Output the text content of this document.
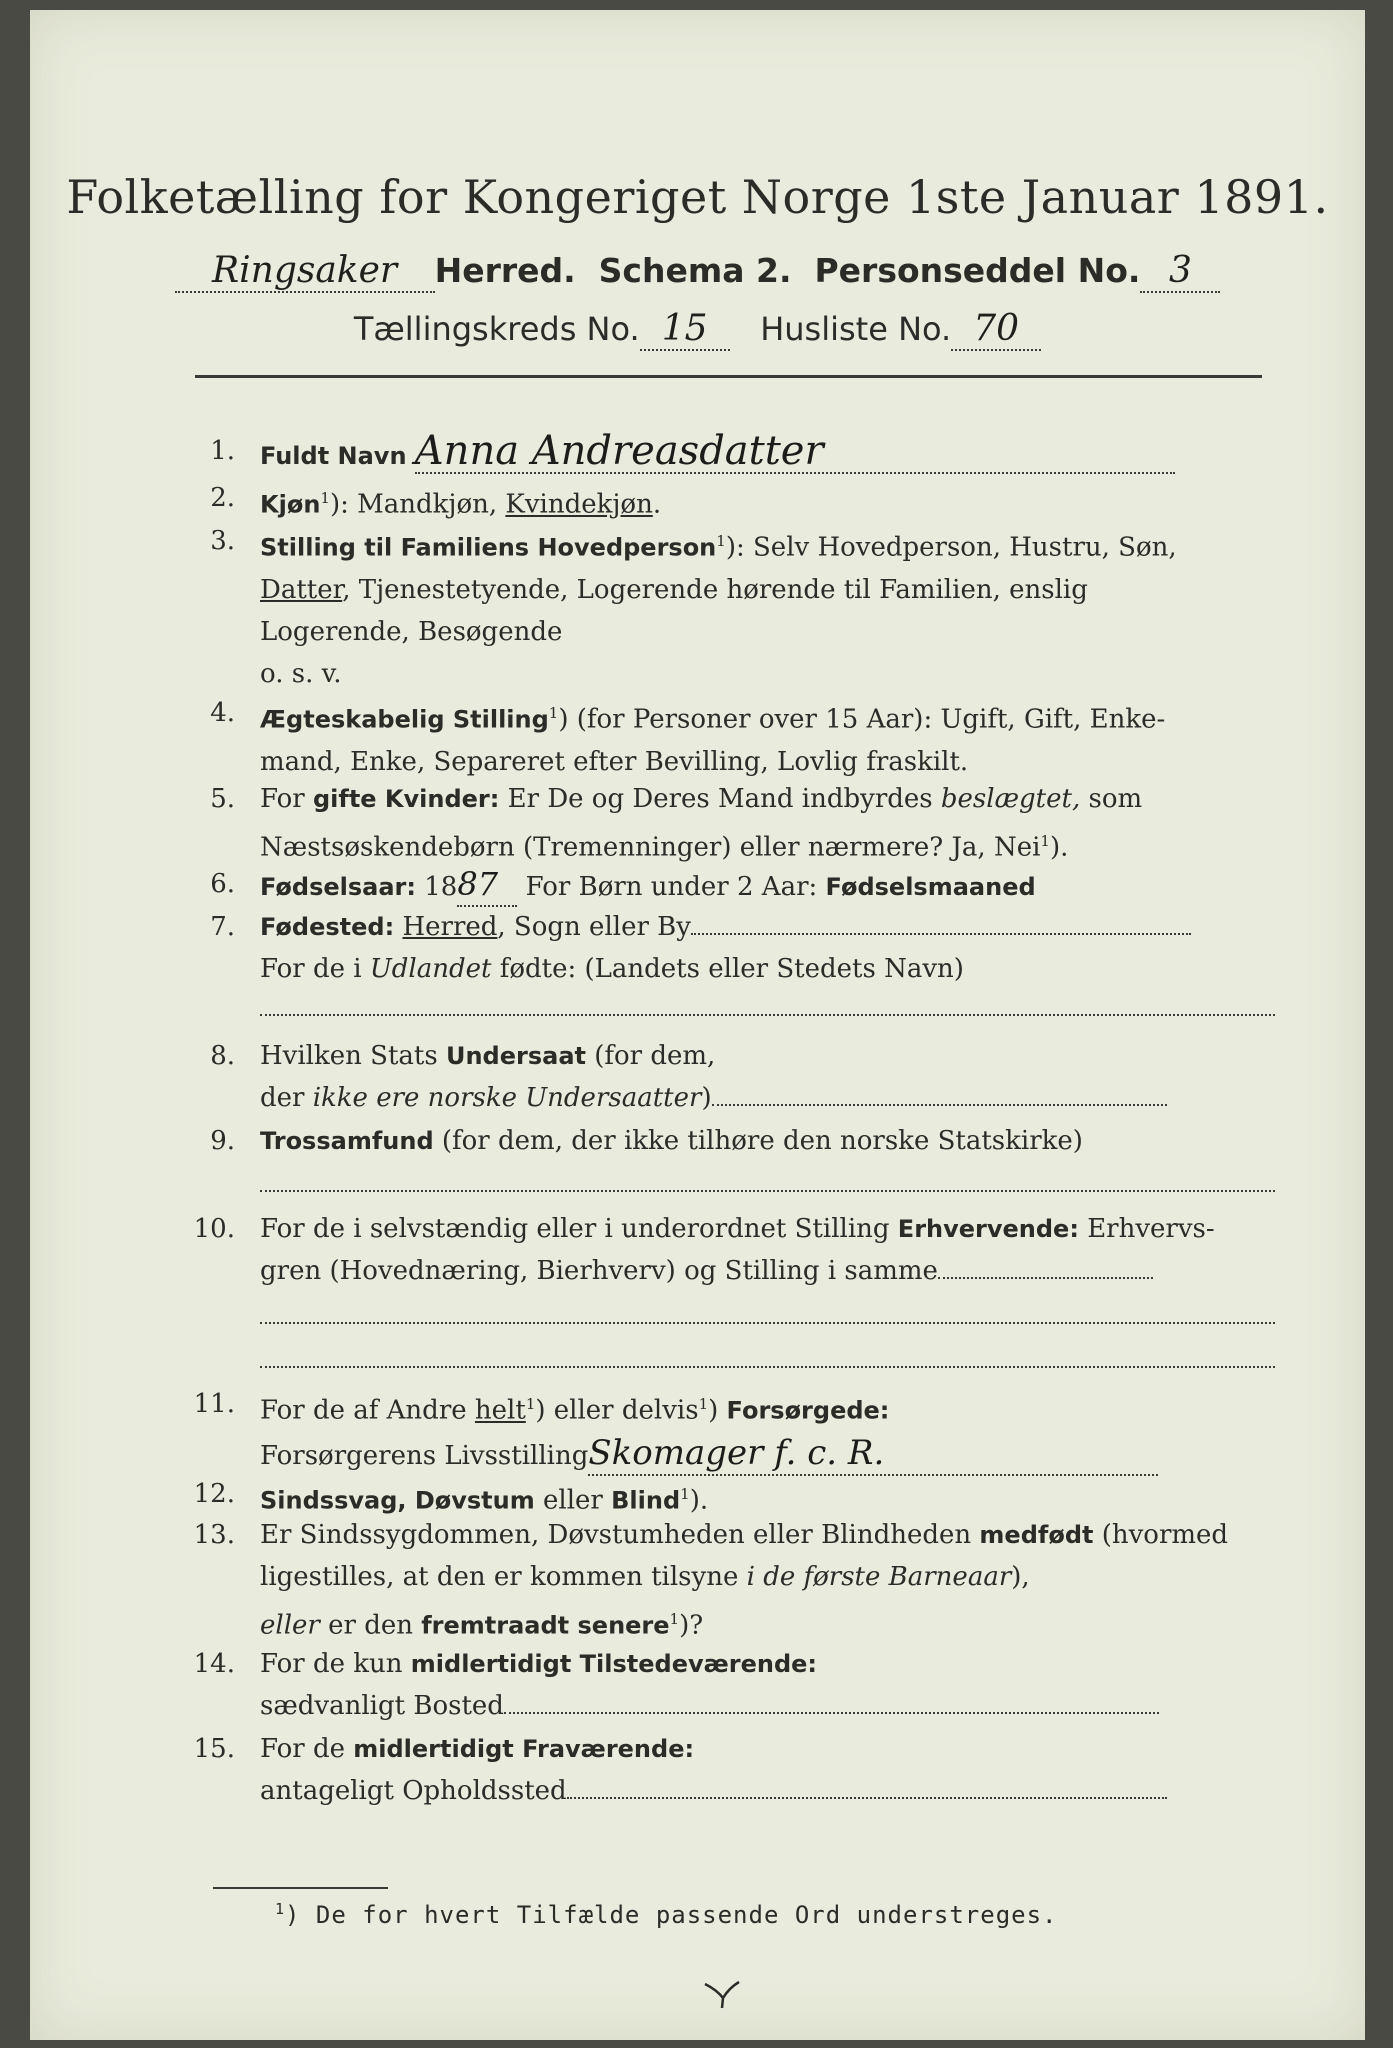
Folketælling for Kongeriget Norge 1ste Januar 1891.
Ringsaker Herred. Schema 2. Personseddel No. 3
Tællingskreds No. 15 Husliste No. 70
1. Fuldt Navn Anna Andreasdatter
2. Kjøn$^1$): Mandkjøn, Kvindekjøn.
3. Stilling til Familiens Hovedperson$^1$): Selv Hovedperson, Hustru, Søn,
Datter, Tjenestetyende, Logerende hørende til Familien, enslig
Logerende, Besøgende
o. s. v.
4. Ægteskabelig Stilling$^1$) (for Personer over 15 Aar): Ugift, Gift, Enke-
mand, Enke, Separeret efter Bevilling, Lovlig fraskilt.
5. For gifte Kvinder: Er De og Deres Mand indbyrdes beslægtet, som
Næstsøskendebørn (Tremenninger) eller nærmere? Ja, Nei$^1$).
6. Fødselsaar: 1887 For Børn under 2 Aar: Fødselsmaaned
7. Fødested: Herred, Sogn eller By
For de i Udlandet fødte: (Landets eller Stedets Navn)
8. Hvilken Stats Undersaat (for dem,
der ikke ere norske Undersaatter)
9. Trossamfund (for dem, der ikke tilhøre den norske Statskirke)
10. For de i selvstændig eller i underordnet Stilling Erhvervende: Erhvervs-
gren (Hovednæring, Bierhverv) og Stilling i samme
11. For de af Andre helt$^1$) eller delvis$^1$) Forsørgede:
Forsørgerens LivsstillingSkomager f. c. R.
12. Sindssvag, Døvstum eller Blind$^1$).
13. Er Sindssygdommen, Døvstumheden eller Blindheden medfødt (hvormed
ligestilles, at den er kommen tilsyne i de første Barneaar),
eller er den fremtraadt senere$^1$)?
14. For de kun midlertidigt Tilstedeværende:
sædvanligt Bosted
15. For de midlertidigt Fraværende:
antageligt Opholdssted
$^1$) De for hvert Tilfælde passende Ord understreges.
